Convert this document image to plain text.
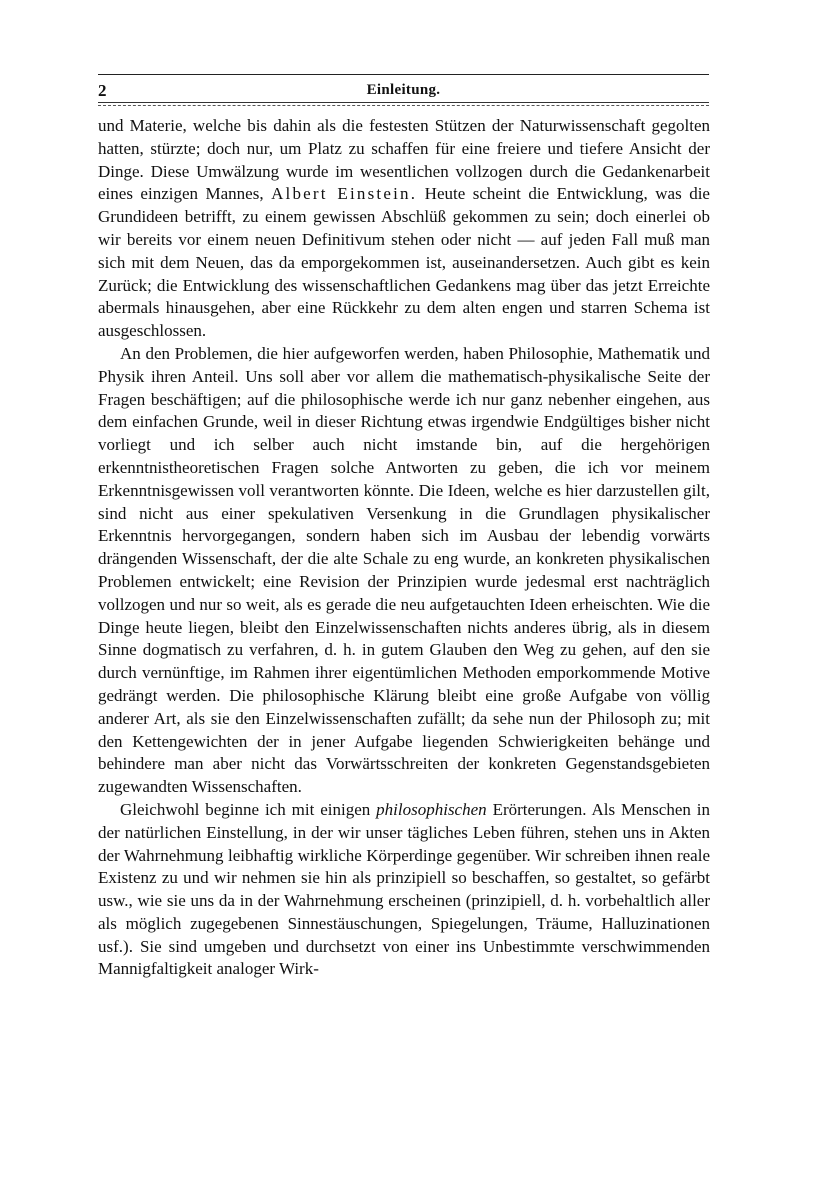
2	Einleitung.

und Materie, welche bis dahin als die festesten Stützen der Naturwissenschaft gegolten hatten, stürzte; doch nur, um Platz zu schaffen für eine freiere und tiefere Ansicht der Dinge. Diese Umwälzung wurde im wesentlichen vollzogen durch die Gedankenarbeit eines einzigen Mannes, Albert Einstein. Heute scheint die Entwicklung, was die Grundideen betrifft, zu einem gewissen Abschlüß gekommen zu sein; doch einerlei ob wir bereits vor einem neuen Definitivum stehen oder nicht — auf jeden Fall muß man sich mit dem Neuen, das da emporgekommen ist, auseinandersetzen. Auch gibt es kein Zurück; die Entwicklung des wissenschaftlichen Gedankens mag über das jetzt Erreichte abermals hinausgehen, aber eine Rückkehr zu dem alten engen und starren Schema ist ausgeschlossen.

An den Problemen, die hier aufgeworfen werden, haben Philosophie, Mathematik und Physik ihren Anteil. Uns soll aber vor allem die mathematisch-physikalische Seite der Fragen beschäftigen; auf die philosophische werde ich nur ganz nebenher eingehen, aus dem einfachen Grunde, weil in dieser Richtung etwas irgendwie Endgültiges bisher nicht vorliegt und ich selber auch nicht imstande bin, auf die hergehörigen erkenntnistheoretischen Fragen solche Antworten zu geben, die ich vor meinem Erkenntnisgewissen voll verantworten könnte. Die Ideen, welche es hier darzustellen gilt, sind nicht aus einer spekulativen Versenkung in die Grundlagen physikalischer Erkenntnis hervorgegangen, sondern haben sich im Ausbau der lebendig vorwärts drängenden Wissenschaft, der die alte Schale zu eng wurde, an konkreten physikalischen Problemen entwickelt; eine Revision der Prinzipien wurde jedesmal erst nachträglich vollzogen und nur so weit, als es gerade die neu aufgetauchten Ideen erheischten. Wie die Dinge heute liegen, bleibt den Einzelwissenschaften nichts anderes übrig, als in diesem Sinne dogmatisch zu verfahren, d. h. in gutem Glauben den Weg zu gehen, auf den sie durch vernünftige, im Rahmen ihrer eigentümlichen Methoden emporkommende Motive gedrängt werden. Die philosophische Klärung bleibt eine große Aufgabe von völlig anderer Art, als sie den Einzelwissenschaften zufällt; da sehe nun der Philosoph zu; mit den Kettengewichten der in jener Aufgabe liegenden Schwierigkeiten behänge und behindere man aber nicht das Vorwärtsschreiten der konkreten Gegenstandsgebieten zugewandten Wissenschaften.

Gleichwohl beginne ich mit einigen philosophischen Erörterungen. Als Menschen in der natürlichen Einstellung, in der wir unser tägliches Leben führen, stehen uns in Akten der Wahrnehmung leibhaftig wirkliche Körperdinge gegenüber. Wir schreiben ihnen reale Existenz zu und wir nehmen sie hin als prinzipiell so beschaffen, so gestaltet, so gefärbt usw., wie sie uns da in der Wahrnehmung erscheinen (prinzipiell, d. h. vorbehaltlich aller als möglich zugegebenen Sinnestäuschungen, Spiegelungen, Träume, Halluzinationen usf.). Sie sind umgeben und durchsetzt von einer ins Unbestimmte verschwimmenden Mannigfaltigkeit analoger Wirk-
